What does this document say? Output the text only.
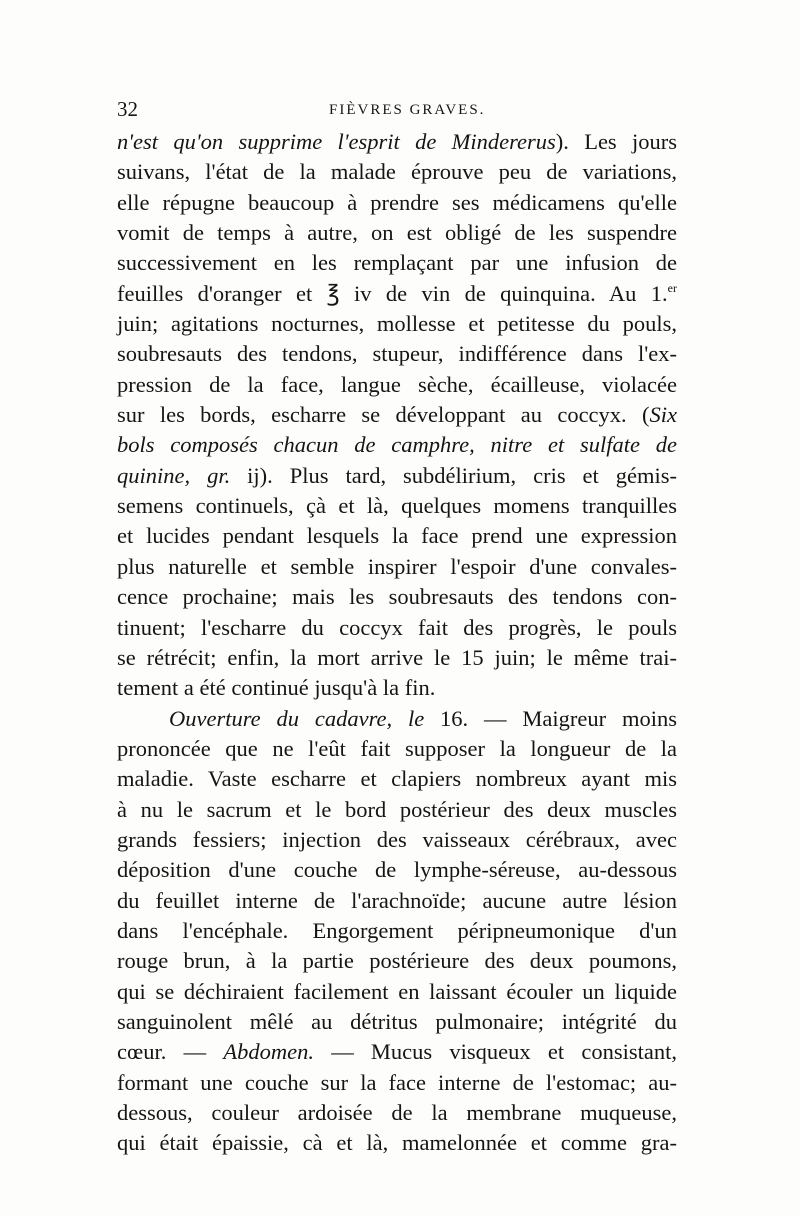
32	FIÈVRES GRAVES.
n'est qu'on supprime l'esprit de Mindererus). Les jours
suivans, l'état de la malade éprouve peu de variations,
elle répugne beaucoup à prendre ses médicamens qu'elle
vomit de temps à autre, on est obligé de les suspendre
successivement en les remplaçant par une infusion de
feuilles d'oranger et ℥ iv de vin de quinquina. Au 1.$^{er}$
juin; agitations nocturnes, mollesse et petitesse du pouls,
soubresauts des tendons, stupeur, indifférence dans l'ex-
pression de la face, langue sèche, écailleuse, violacée
sur les bords, escharre se développant au coccyx. (Six
bols composés chacun de camphre, nitre et sulfate de
quinine, gr. ij). Plus tard, subdélirium, cris et gémis-
semens continuels, çà et là, quelques momens tranquilles
et lucides pendant lesquels la face prend une expression
plus naturelle et semble inspirer l'espoir d'une convales-
cence prochaine; mais les soubresauts des tendons con-
tinuent; l'escharre du coccyx fait des progrès, le pouls
se rétrécit; enfin, la mort arrive le 15 juin; le même trai-
tement a été continué jusqu'à la fin.
Ouverture du cadavre, le 16. — Maigreur moins
prononcée que ne l'eût fait supposer la longueur de la
maladie. Vaste escharre et clapiers nombreux ayant mis
à nu le sacrum et le bord postérieur des deux muscles
grands fessiers; injection des vaisseaux cérébraux, avec
déposition d'une couche de lymphe-séreuse, au-dessous
du feuillet interne de l'arachnoïde; aucune autre lésion
dans l'encéphale. Engorgement péripneumonique d'un
rouge brun, à la partie postérieure des deux poumons,
qui se déchiraient facilement en laissant écouler un liquide
sanguinolent mêlé au détritus pulmonaire; intégrité du
cœur. — Abdomen. — Mucus visqueux et consistant,
formant une couche sur la face interne de l'estomac; au-
dessous, couleur ardoisée de la membrane muqueuse,
qui était épaissie, cà et là, mamelonnée et comme gra-
